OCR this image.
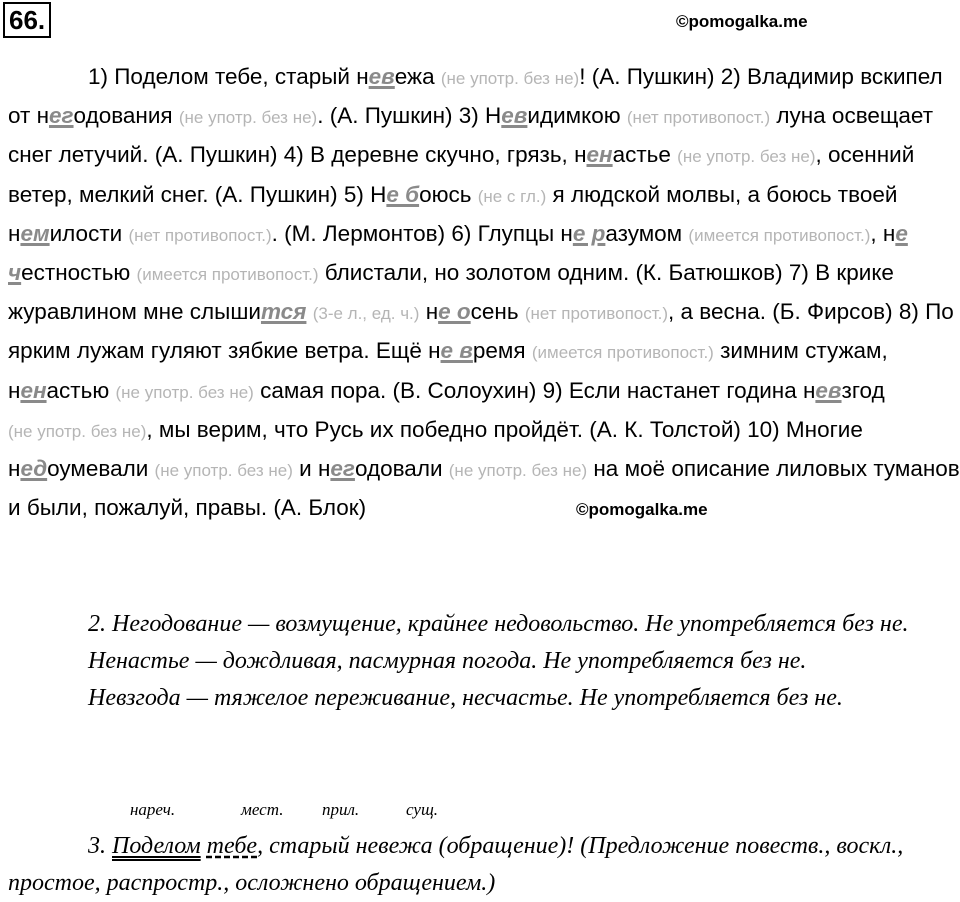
66.	©pomogalka.me

1) Поделом тебе, старый невежа (не употр. без не)! (А. Пушкин) 2) Владимир вскипел от негодования (не употр. без не). (А. Пушкин) 3) Невидимкою (нет противопост.) луна освещает снег летучий. (А. Пушкин) 4) В деревне скучно, грязь, ненастье (не употр. без не), осенний ветер, мелкий снег. (А. Пушкин) 5) Не боюсь (не с гл.) я людской молвы, а боюсь твоей немилости (нет противопост.). (М. Лермонтов) 6) Глупцы не разумом (имеется противопост.), не честностью (имеется противопост.) блистали, но золотом одним. (К. Батюшков) 7) В крике журавлином мне слышится (3-е л., ед. ч.) не осень (нет противопост.), а весна. (Б. Фирсов) 8) По ярким лужам гуляют зябкие ветра. Ещё не время (имеется противопост.) зимним стужам, ненастью (не употр. без не) самая пора. (В. Солоухин) 9) Если настанет година невзгод (не употр. без не), мы верим, что Русь их победно пройдёт. (А. К. Толстой) 10) Многие недоумевали (не употр. без не) и негодовали (не употр. без не) на моё описание лиловых туманов и были, пожалуй, правы. (А. Блок)	©pomogalka.me

2. Негодование — возмущение, крайнее недовольство. Не употребляется без не.

Ненастье — дождливая, пасмурная погода. Не употребляется без не.

Невзгода — тяжелое переживание, несчастье. Не употребляется без не.

нареч.	мест. прил.	сущ.

3. Поделом тебе, старый невежа (обращение)! (Предложение повеств., воскл., простое, распростр., осложнено обращением.)
